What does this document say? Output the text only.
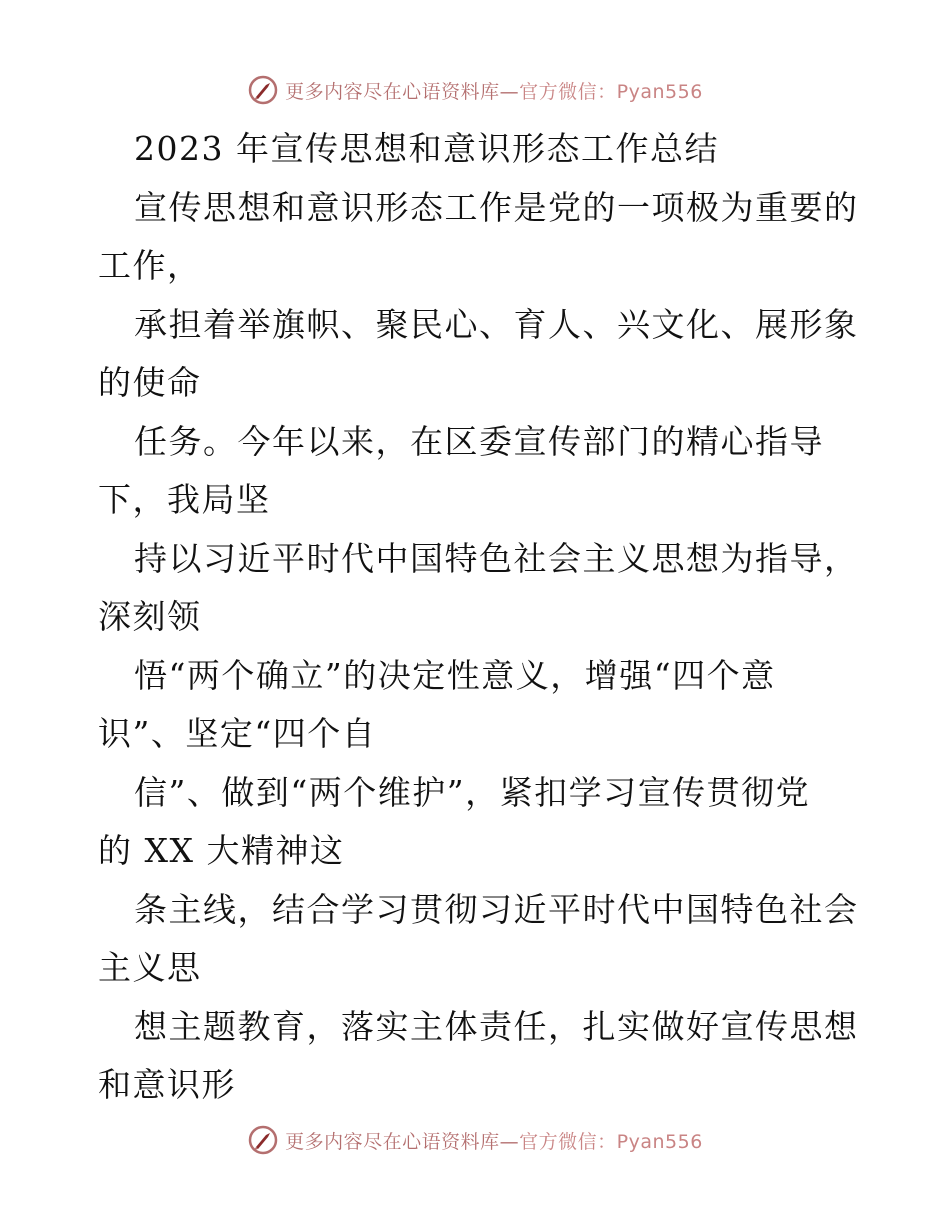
更多内容尽在心语资料库—官方微信：Pyan556
2023 年宣传思想和意识形态工作总结
宣传思想和意识形态工作是党的一项极为重要的
工作，
承担着举旗帜、聚民心、育人、兴文化、展形象
的使命
任务。今年以来，在区委宣传部门的精心指导
下，我局坚
持以习近平时代中国特色社会主义思想为指导，
深刻领
悟“两个确立”的决定性意义，增强“四个意
识”、坚定“四个自
信”、做到“两个维护”，紧扣学习宣传贯彻党
的 XX 大精神这
条主线，结合学习贯彻习近平时代中国特色社会
主义思
想主题教育，落实主体责任，扎实做好宣传思想
和意识形
更多内容尽在心语资料库—官方微信：Pyan556
